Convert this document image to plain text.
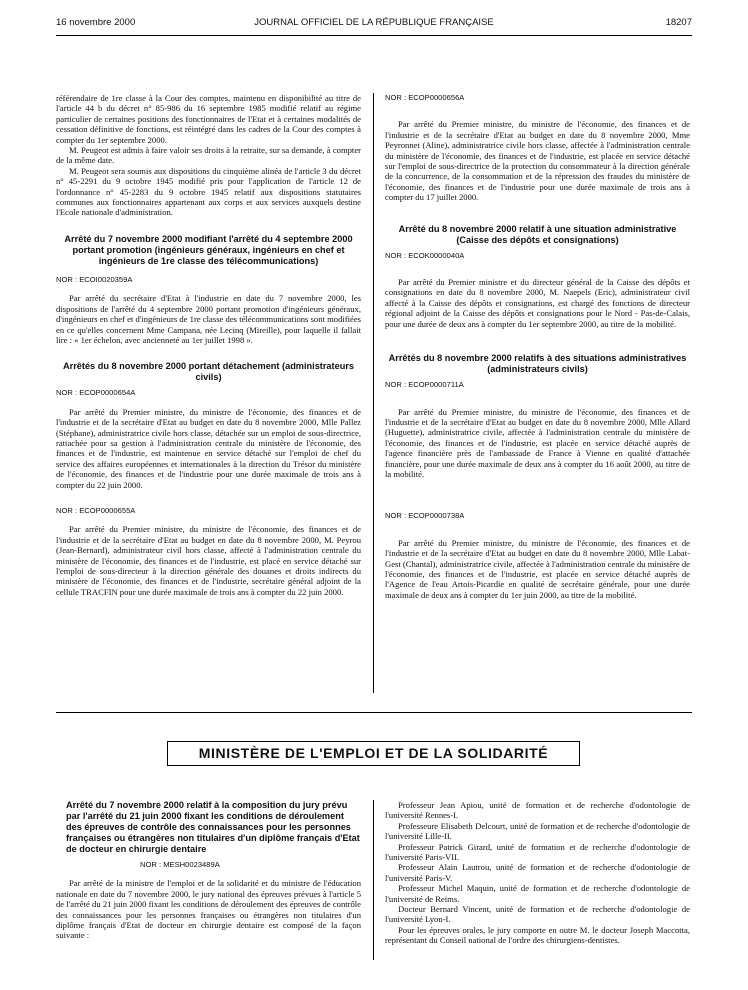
16 novembre 2000	JOURNAL OFFICIEL DE LA RÉPUBLIQUE FRANÇAISE	18207

référendaire de 1re classe à la Cour des comptes, maintenu en disponibilité au titre de l'article 44 b du décret n° 85-986 du 16 septembre 1985 modifié relatif au régime particulier de certaines positions des fonctionnaires de l'Etat et à certaines modalités de cessation définitive de fonctions, est réintégré dans les cadres de la Cour des comptes à compter du 1er septembre 2000.

M. Peugeot est admis à faire valoir ses droits à la retraite, sur sa demande, à compter de la même date.

M. Peugeot sera soumis aux dispositions du cinquième alinéa de l'article 3 du décret n° 45-2291 du 9 octobre 1945 modifié pris pour l'application de l'article 12 de l'ordonnance n° 45-2283 du 9 octobre 1945 relatif aux dispositions statutaires communes aux fonctionnaires appartenant aux corps et aux services auxquels destine l'Ecole nationale d'administration.

Arrêté du 7 novembre 2000 modifiant l'arrêté du 4 septembre 2000 portant promotion (ingénieurs généraux, ingénieurs en chef et ingénieurs de 1re classe des télécommunications)

NOR : ECOI0020359A

Par arrêté du secrétaire d'Etat à l'industrie en date du 7 novembre 2000, les dispositions de l'arrêté du 4 septembre 2000 portant promotion d'ingénieurs généraux, d'ingénieurs en chef et d'ingénieurs de 1re classe des télécommunications sont modifiées en ce qu'elles concernent Mme Campana, née Lecinq (Mireille), pour laquelle il fallait lire : « 1er échelon, avec ancienneté au 1er juillet 1998 ».

Arrêtés du 8 novembre 2000 portant détachement (administrateurs civils)

NOR : ECOP0000654A

Par arrêté du Premier ministre, du ministre de l'économie, des finances et de l'industrie et de la secrétaire d'Etat au budget en date du 8 novembre 2000, Mlle Pallez (Stéphane), administratrice civile hors classe, détachée sur un emploi de sous-directrice, rattachée pour sa gestion à l'administration centrale du ministère de l'économie, des finances et de l'industrie, est maintenue en service détaché sur l'emploi de chef du service des affaires européennes et internationales à la direction du Trésor du ministère de l'économie, des finances et de l'industrie pour une durée maximale de trois ans à compter du 22 juin 2000.

NOR : ECOP0000655A

Par arrêté du Premier ministre, du ministre de l'économie, des finances et de l'industrie et de la secrétaire d'Etat au budget en date du 8 novembre 2000, M. Peyrou (Jean-Bernard), administrateur civil hors classe, affecté à l'administration centrale du ministère de l'économie, des finances et de l'industrie, est placé en service détaché sur l'emploi de sous-directeur à la direction générale des douanes et droits indirects du ministère de l'économie, des finances et de l'industrie, secrétaire général adjoint de la cellule TRACFIN pour une durée maximale de trois ans à compter du 22 juin 2000.

NOR : ECOP0000656A

Par arrêté du Premier ministre, du ministre de l'économie, des finances et de l'industrie et de la secrétaire d'Etat au budget en date du 8 novembre 2000, Mme Peyronnet (Aline), administratrice civile hors classe, affectée à l'administration centrale du ministère de l'économie, des finances et de l'industrie, est placée en service détaché sur l'emploi de sous-directrice de la protection du consommateur à la direction générale de la concurrence, de la consommation et de la répression des fraudes du ministère de l'économie, des finances et de l'industrie pour une durée maximale de trois ans à compter du 17 juillet 2000.

Arrêté du 8 novembre 2000 relatif à une situation administrative (Caisse des dépôts et consignations)

NOR : ECOK0000040A

Par arrêté du Premier ministre et du directeur général de la Caisse des dépôts et consignations en date du 8 novembre 2000, M. Naepels (Eric), administrateur civil affecté à la Caisse des dépôts et consignations, est chargé des fonctions de directeur régional adjoint de la Caisse des dépôts et consignations pour le Nord - Pas-de-Calais, pour une durée de deux ans à compter du 1er septembre 2000, au titre de la mobilité.

Arrêtés du 8 novembre 2000 relatifs à des situations administratives (administrateurs civils)

NOR : ECOP0000711A

Par arrêté du Premier ministre, du ministre de l'économie, des finances et de l'industrie et de la secrétaire d'Etat au budget en date du 8 novembre 2000, Mlle Allard (Huguette), administratrice civile, affectée à l'administration centrale du ministère de l'économie, des finances et de l'industrie, est placée en service détaché auprès de l'agence financière près de l'ambassade de France à Vienne en qualité d'attachée financière, pour une durée maximale de deux ans à compter du 16 août 2000, au titre de la mobilité.

NOR : ECOP0000738A

Par arrêté du Premier ministre, du ministre de l'économie, des finances et de l'industrie et de la secrétaire d'Etat au budget en date du 8 novembre 2000, Mlle Labat-Gest (Chantal), administratrice civile, affectée à l'administration centrale du ministère de l'économie, des finances et de l'industrie, est placée en service détaché auprès de l'Agence de l'eau Artois-Picardie en qualité de secrétaire générale, pour une durée maximale de deux ans à compter du 1er juin 2000, au titre de la mobilité.

MINISTÈRE DE L'EMPLOI ET DE LA SOLIDARITÉ
Arrêté du 7 novembre 2000 relatif à la composition du jury prévu par l'arrêté du 21 juin 2000 fixant les conditions de déroulement des épreuves de contrôle des connaissances pour les personnes françaises ou étrangères non titulaires d'un diplôme français d'Etat de docteur en chirurgie dentaire

NOR : MESH0023489A

Par arrêté de la ministre de l'emploi et de la solidarité et du ministre de l'éducation nationale en date du 7 novembre 2000, le jury national des épreuves prévues à l'article 5 de l'arrêté du 21 juin 2000 fixant les conditions de déroulement des épreuves de contrôle des connaissances pour les personnes françaises ou étrangères non titulaires d'un diplôme français d'Etat de docteur en chirurgie dentaire est composé de la façon suivante :

Professeur Jean Apiou, unité de formation et de recherche d'odontologie de l'université Rennes-I.

Professeure Elisabeth Delcourt, unité de formation et de recherche d'odontologie de l'université Lille-II.

Professeur Patrick Girard, unité de formation et de recherche d'odontologie de l'université Paris-VII.

Professeur Alain Lautrou, unité de formation et de recherche d'odontologie de l'université Paris-V.

Professeur Michel Maquin, unité de formation et de recherche d'odontologie de l'université de Reims.

Docteur Bernard Vincent, unité de formation et de recherche d'odontologie de l'université Lyon-I.

Pour les épreuves orales, le jury comporte en outre M. le docteur Joseph Maccotta, représentant du Conseil national de l'ordre des chirurgiens-dentistes.
